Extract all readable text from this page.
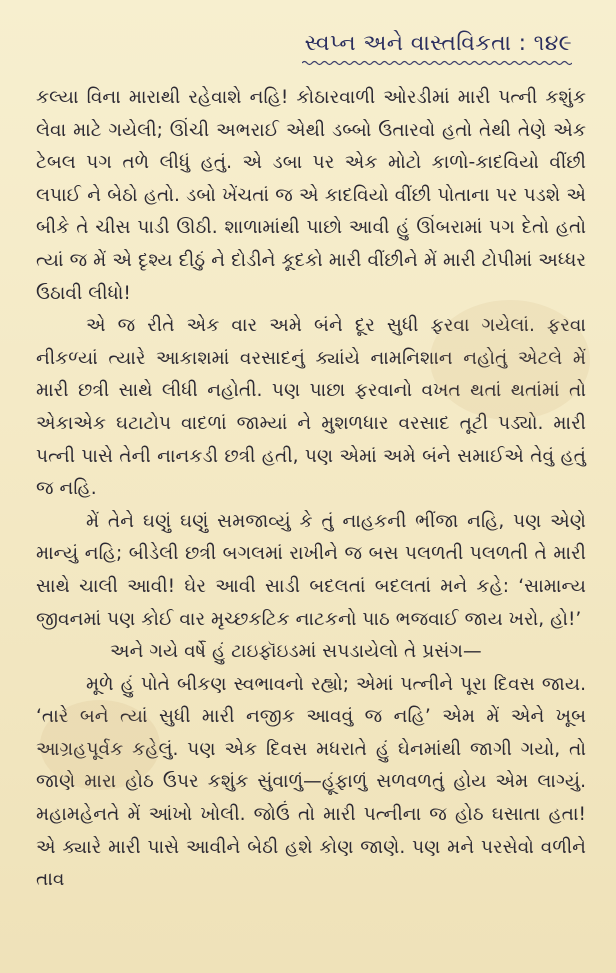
સ્વપ્ન અને વાસ્તવિકતા : ૧૪૯

કલ્યા વિના મારાથી રહેવાશે નહિ! કોઠારવાળી ઓરડીમાં મારી પત્ની કશુંક લેવા માટે ગયેલી; ઊંચી અભરાઈ એથી ડબ્બો ઉતારવો હતો તેથી તેણે એક ટેબલ પગ તળે લીધું હતું. એ ડબા પર એક મોટો કાળો-કાદવિયો વીંછી લપાઈ ને બેઠો હતો. ડબો ખેંચતાં જ એ કાદવિયો વીંછી પોતાના પર પડશે એ બીકે તે ચીસ પાડી ઊઠી. શાળામાંથી પાછો આવી હું ઊંબરામાં પગ દેતો હતો ત્યાં જ મેં એ દૃશ્ય દીઠું ને દોડીને કૂદકો મારી વીંછીને મેં મારી ટોપીમાં અધ્ધર ઉઠાવી લીધો!

એ જ રીતે એક વાર અમે બંને દૂર સુધી ફરવા ગયેલાં. ફરવા નીકળ્યાં ત્યારે આકાશમાં વરસાદનું ક્યાંયે નામનિશાન નહોતું એટલે મેં મારી છત્રી સાથે લીધી નહોતી. પણ પાછા ફરવાનો વખત થતાં થતાંમાં તો એકાએક ઘટાટોપ વાદળાં જામ્યાં ને મુશળધાર વરસાદ તૂટી પડ્યો. મારી પત્ની પાસે તેની નાનકડી છત્રી હતી, પણ એમાં અમે બંને સમાઈએ તેવું હતું જ નહિ.

મેં તેને ઘણું ઘણું સમજાવ્યું કે તું નાહકની ભીંજા નહિ, પણ એણે માન્યું નહિ; બીડેલી છત્રી બગલમાં રાખીને જ બસ પલળતી પલળતી તે મારી સાથે ચાલી આવી! ઘેર આવી સાડી બદલતાં બદલતાં મને કહે: ‘સામાન્ય જીવનમાં પણ કોઈ વાર મૃચ્છકટિક નાટકનો પાઠ ભજવાઈ જાય ખરો, હો!’

અને ગયે વર્ષે હું ટાઇફૉઇડમાં સપડાયેલો તે પ્રસંગ—

મૂળે હું પોતે બીકણ સ્વભાવનો રહ્યો; એમાં પત્નીને પૂરા દિવસ જાય. ‘તારે બને ત્યાં સુધી મારી નજીક આવવું જ નહિ’ એમ મેં એને ખૂબ આગ્રહપૂર્વક કહેલું. પણ એક દિવસ મધરાતે હું ઘેનમાંથી જાગી ગયો, તો જાણે મારા હોઠ ઉપર કશુંક સુંવાળું—હૂંફાળું સળવળતું હોય એમ લાગ્યું. મહામહેનતે મેં આંખો ખોલી. જોઉં તો મારી પત્નીના જ હોઠ ઘસાતા હતા! એ ક્યારે મારી પાસે આવીને બેઠી હશે કોણ જાણે. પણ મને પરસેવો વળીને તાવ
